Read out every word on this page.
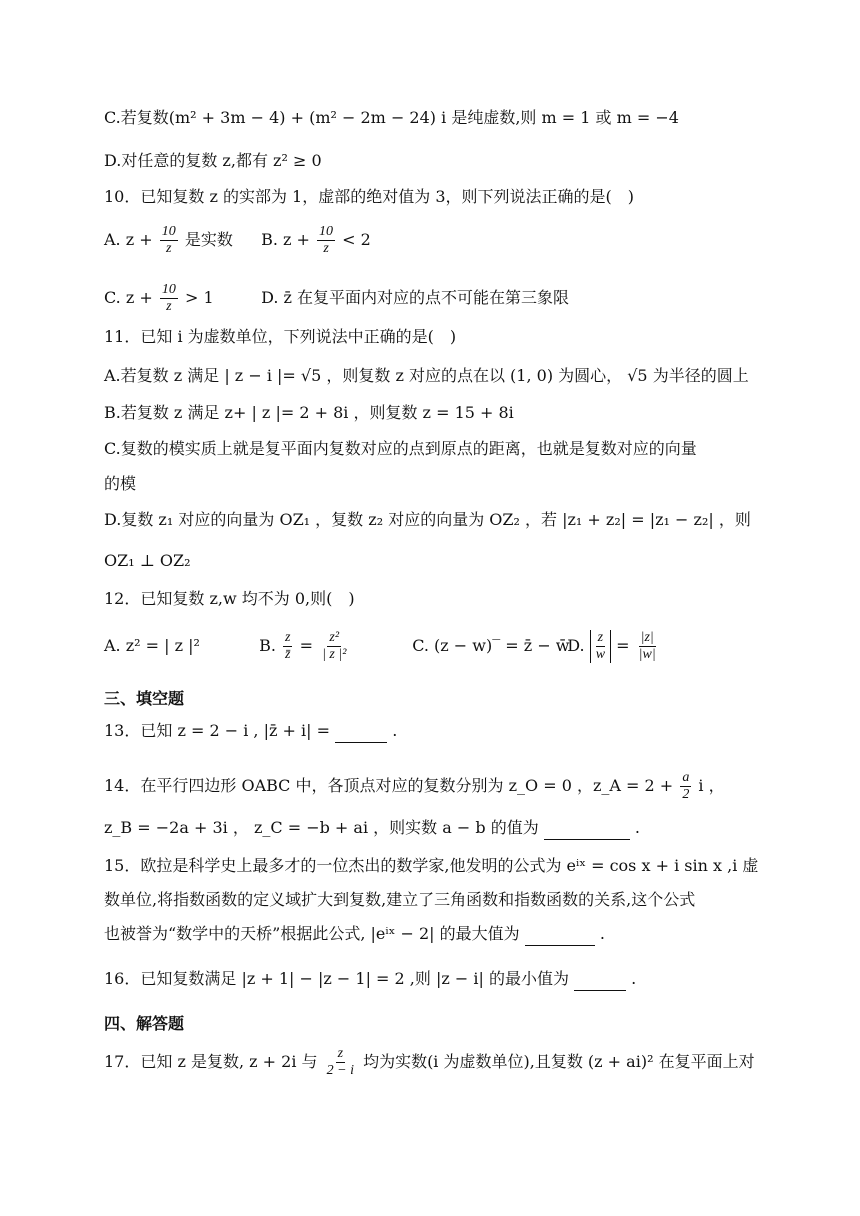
C.若复数(m² + 3m − 4) + (m² − 2m − 24) i 是纯虚数,则 m = 1 或 m = −4
D.对任意的复数 z,都有 z² ≥ 0
10．已知复数 z 的实部为 1，虚部的绝对值为 3，则下列说法正确的是(　)
A. $z + \frac{10}{z}$ 是实数 B. $z + \frac{10}{z} < 2$
C. $z + \frac{10}{z} > 1$	D. z̄ 在复平面内对应的点不可能在第三象限
11．已知 i 为虚数单位，下列说法中正确的是(　)
A.若复数 z 满足 | z − i |= √5 ，则复数 z 对应的点在以 (1, 0) 为圆心， √5 为半径的圆上
B.若复数 z 满足 z+ | z |= 2 + 8i ，则复数 z = 15 + 8i
C.复数的模实质上就是复平面内复数对应的点到原点的距离，也就是复数对应的向量
的模
D.复数 z₁ 对应的向量为 OZ₁ ，复数 z₂ 对应的向量为 OZ₂ ，若 |z₁ + z₂| = |z₁ − z₂| ，则
OZ₁ ⊥ OZ₂
12．已知复数 z,w 均不为 0,则(　)
A. z² = | z |²	B. $\frac{z}{z̄} = \frac{\text{z²}}{\text{| z |²}}$	C. (z − w)‾ = z̄ − w̄ D. $\frac{z}{w} = \frac{|z|}{|w|}$
三、填空题
13．已知 z = 2 − i , |z̄ + i| =	.
14．在平行四边形 OABC 中，各顶点对应的复数分别为 z_O = 0 ，z_A = $2 + \frac{a}{2}$ i ，
z_B = −2a + 3i ， z_C = −b + ai ，则实数 a − b 的值为	.
15．欧拉是科学史上最多才的一位杰出的数学家,他发明的公式为 eⁱˣ = cos x + i sin x ,i 虚
数单位,将指数函数的定义域扩大到复数,建立了三角函数和指数函数的关系,这个公式
也被誉为“数学中的天桥”根据此公式, |eⁱˣ − 2| 的最大值为	.
16．已知复数满足 |z + 1| − |z − 1| = 2 ,则 |z − i| 的最小值为	.
四、解答题
17．已知 z 是复数, z + 2i 与 $\frac{z}{2 - i}$ 均为实数(i 为虚数单位),且复数 (z + ai)² 在复平面上对
